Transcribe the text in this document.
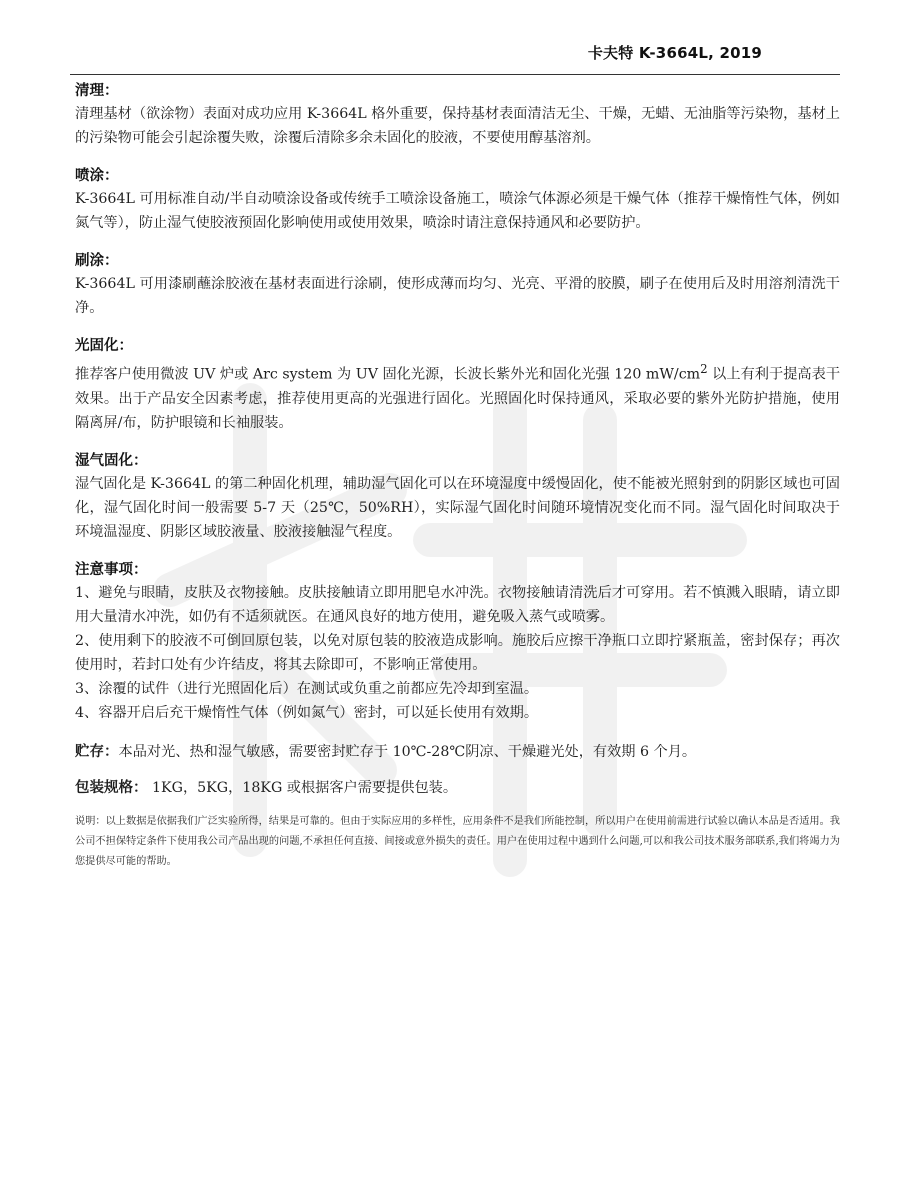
卡夫特 K-3664L, 2019
清理：
清理基材（欲涂物）表面对成功应用 K-3664L 格外重要，保持基材表面清洁无尘、干燥，无蜡、无油脂等污染物，基材上的污染物可能会引起涂覆失败，涂覆后清除多余未固化的胶液，不要使用醇基溶剂。
喷涂：
K-3664L 可用标准自动/半自动喷涂设备或传统手工喷涂设备施工，喷涂气体源必须是干燥气体（推荐干燥惰性气体，例如氮气等），防止湿气使胶液预固化影响使用或使用效果，喷涂时请注意保持通风和必要防护。
刷涂：
K-3664L 可用漆刷蘸涂胶液在基材表面进行涂刷，使形成薄而均匀、光亮、平滑的胶膜，刷子在使用后及时用溶剂清洗干净。
光固化：
推荐客户使用微波 UV 炉或 Arc system 为 UV 固化光源，长波长紫外光和固化光强 120 $mW/cm^2$ 以上有利于提高表干效果。出于产品安全因素考虑，推荐使用更高的光强进行固化。光照固化时保持通风，采取必要的紫外光防护措施，使用隔离屏/布，防护眼镜和长袖服装。
湿气固化：
湿气固化是 K-3664L 的第二种固化机理，辅助湿气固化可以在环境湿度中缓慢固化，使不能被光照射到的阴影区域也可固化，湿气固化时间一般需要 5-7 天（25℃，50%RH），实际湿气固化时间随环境情况变化而不同。湿气固化时间取决于环境温湿度、阴影区域胶液量、胶液接触湿气程度。
注意事项：
1、避免与眼睛，皮肤及衣物接触。皮肤接触请立即用肥皂水冲洗。衣物接触请清洗后才可穿用。若不慎溅入眼睛，请立即用大量清水冲洗，如仍有不适须就医。在通风良好的地方使用，避免吸入蒸气或喷雾。
2、使用剩下的胶液不可倒回原包装，以免对原包装的胶液造成影响。施胶后应擦干净瓶口立即拧紧瓶盖，密封保存；再次使用时，若封口处有少许结皮，将其去除即可，不影响正常使用。
3、涂覆的试件（进行光照固化后）在测试或负重之前都应先冷却到室温。
4、容器开启后充干燥惰性气体（例如氮气）密封，可以延长使用有效期。
贮存：本品对光、热和湿气敏感，需要密封贮存于 10℃-28℃阴凉、干燥避光处，有效期 6 个月。
包装规格： 1KG，5KG，18KG 或根据客户需要提供包装。
说明：以上数据是依据我们广泛实验所得，结果是可靠的。但由于实际应用的多样性，应用条件不是我们所能控制，所以用户在使用前需进行试验以确认本品是否适用。我公司不担保特定条件下使用我公司产品出现的问题,不承担任何直接、间接或意外损失的责任。用户在使用过程中遇到什么问题,可以和我公司技术服务部联系,我们将竭力为您提供尽可能的帮助。
